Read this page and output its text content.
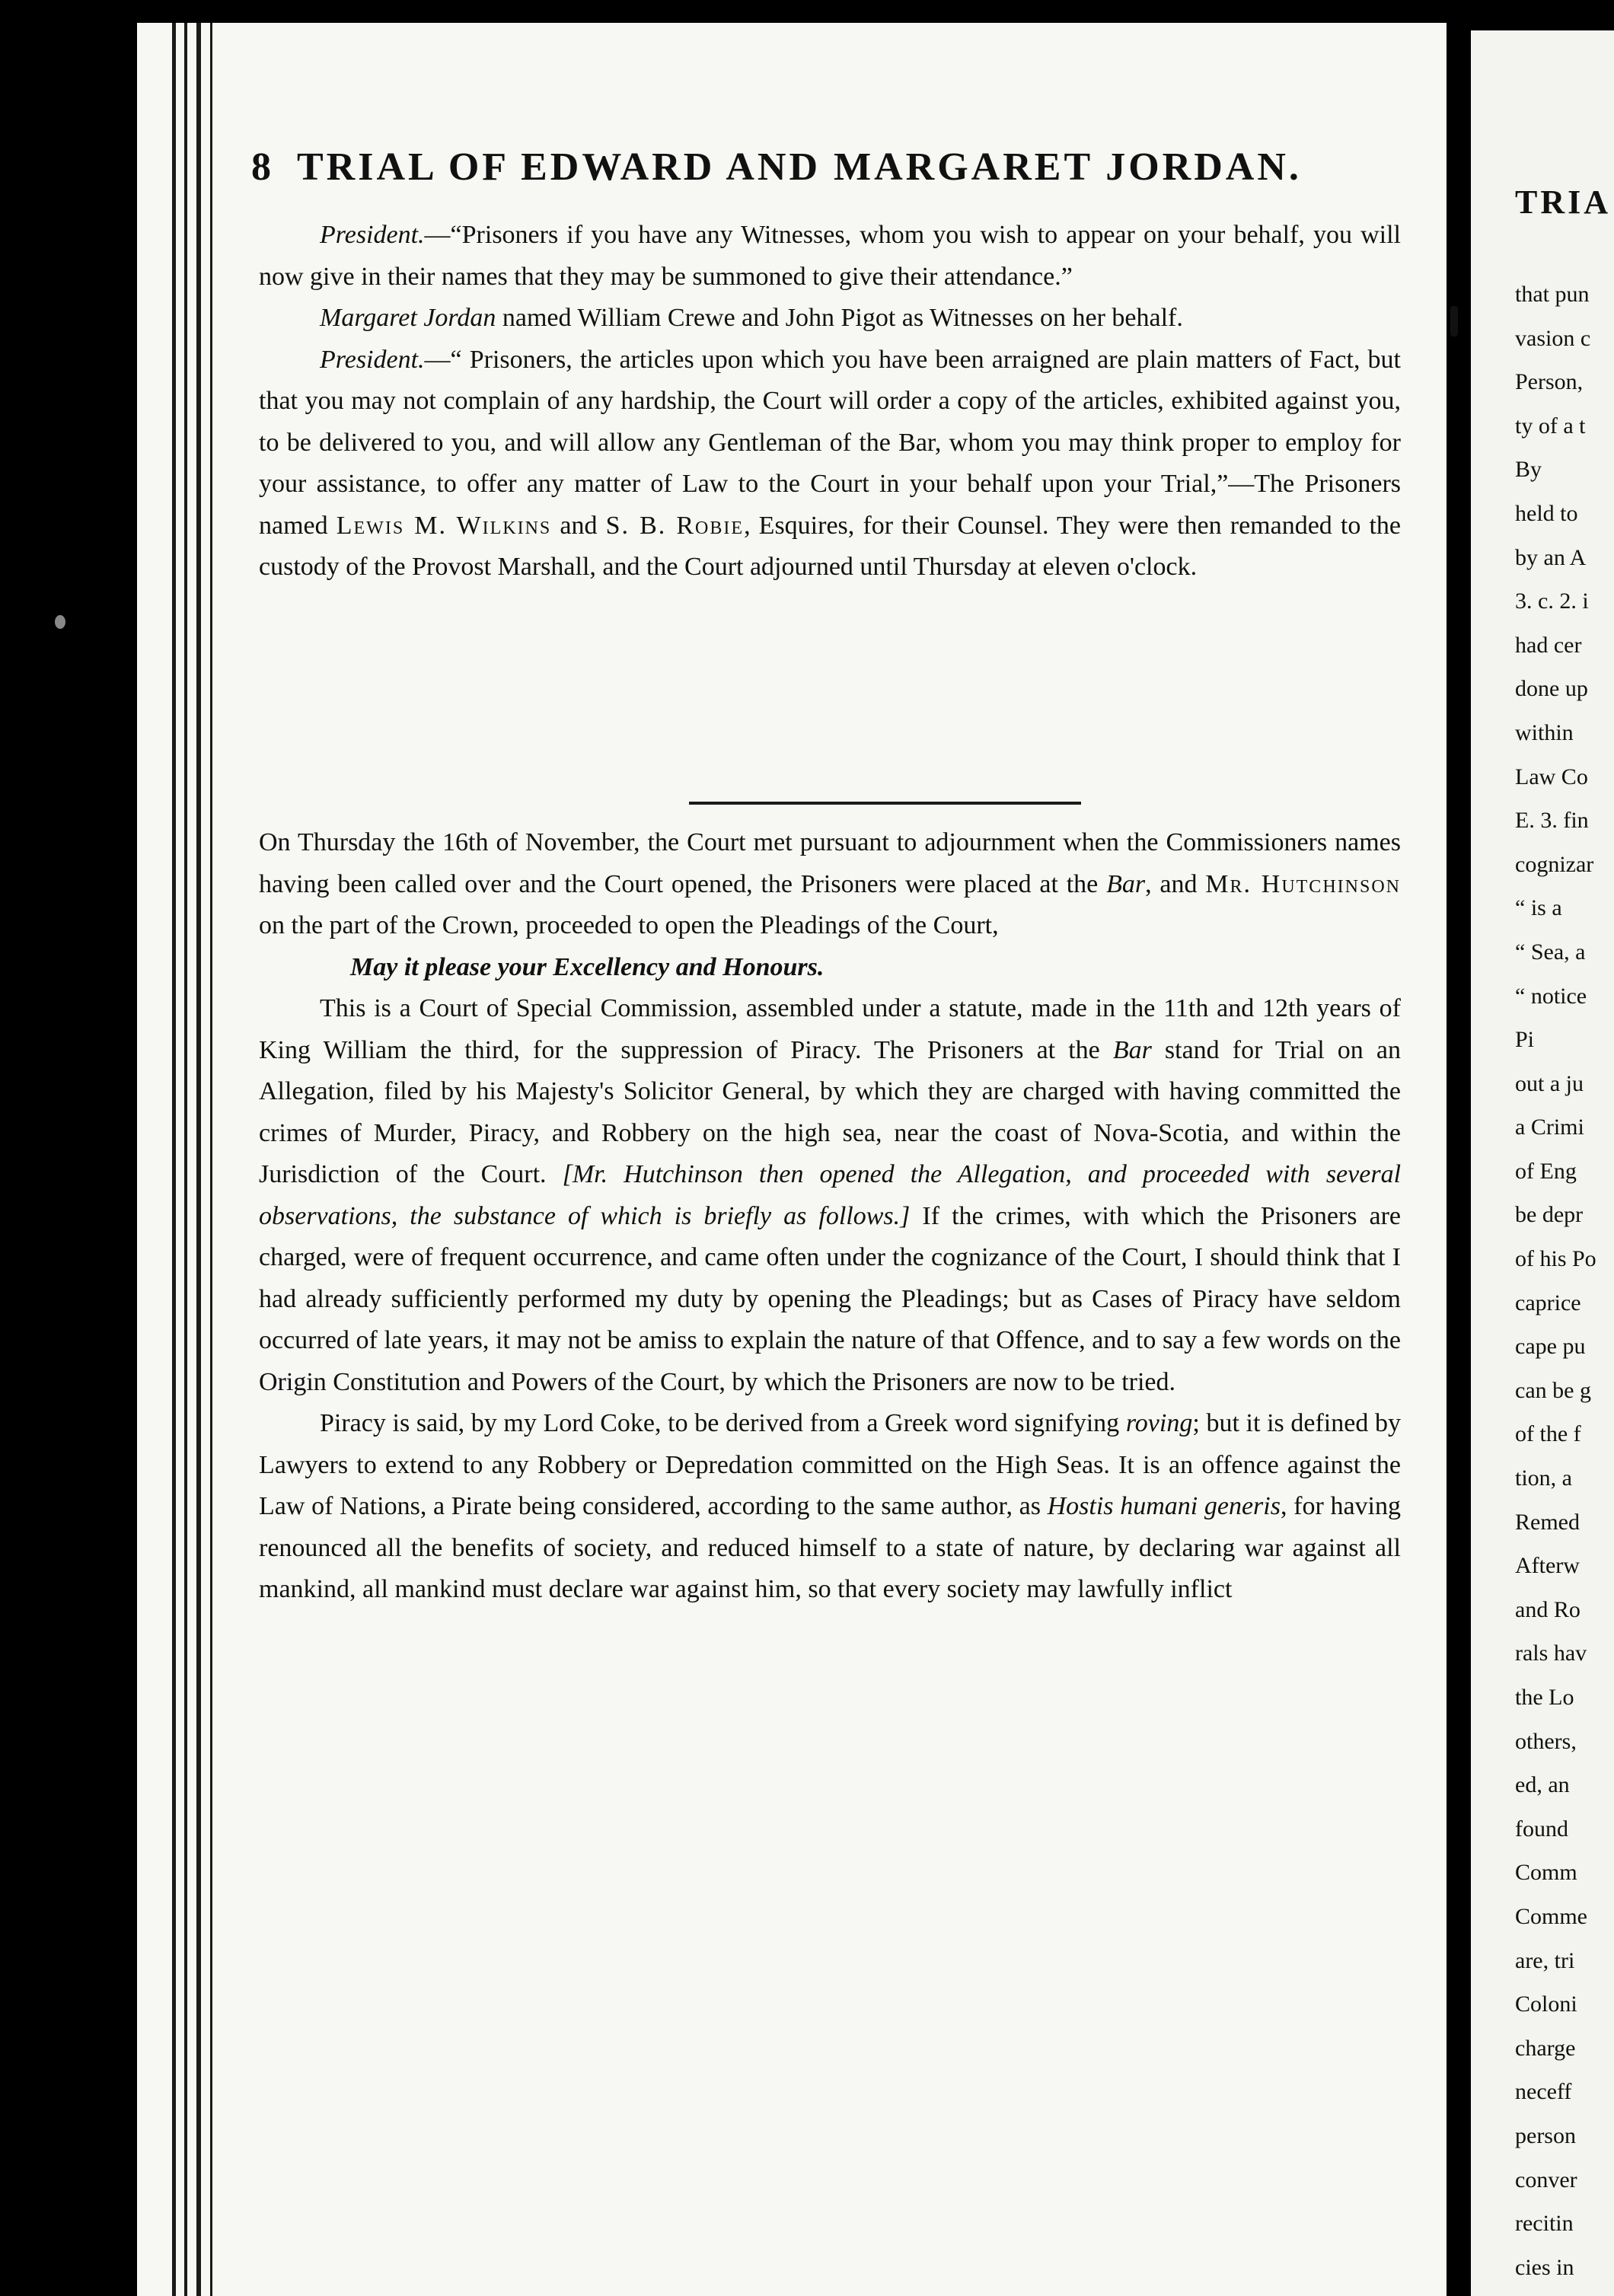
8 TRIAL OF EDWARD AND MARGARET JORDAN.

President.—“Prisoners if you have any Witnesses, whom you wish to appear on your behalf, you will now give in their names that they may be summoned to give their attendance.”

Margaret Jordan named William Crewe and John Pigot as Witnesses on her behalf.

President.—“ Prisoners, the articles upon which you have been arraigned are plain matters of Fact, but that you may not complain of any hardship, the Court will order a copy of the articles, exhibited against you, to be delivered to you, and will allow any Gentleman of the Bar, whom you may think proper to employ for your assistance, to offer any matter of Law to the Court in your behalf upon your Trial,”—The Prisoners named Lewis M. Wilkins and S. B. Robie, Esquires, for their Counsel. They were then remanded to the custody of the Provost Marshall, and the Court adjourned until Thursday at eleven o'clock.

On Thursday the 16th of November, the Court met pursuant to adjournment when the Commissioners names having been called over and the Court opened, the Prisoners were placed at the Bar, and Mr. Hutchinson on the part of the Crown, proceeded to open the Pleadings of the Court,

May it please your Excellency and Honours.

This is a Court of Special Commission, assembled under a statute, made in the 11th and 12th years of King William the third, for the suppression of Piracy. The Prisoners at the Bar stand for Trial on an Allegation, filed by his Majesty's Solicitor General, by which they are charged with having committed the crimes of Murder, Piracy, and Robbery on the high sea, near the coast of Nova-Scotia, and within the Jurisdiction of the Court. [Mr. Hutchinson then opened the Allegation, and proceeded with several observations, the substance of which is briefly as follows.] If the crimes, with which the Prisoners are charged, were of frequent occurrence, and came often under the cognizance of the Court, I should think that I had already sufficiently performed my duty by opening the Pleadings; but as Cases of Piracy have seldom occurred of late years, it may not be amiss to explain the nature of that Offence, and to say a few words on the Origin Constitution and Powers of the Court, by which the Prisoners are now to be tried.

Piracy is said, by my Lord Coke, to be derived from a Greek word signifying roving; but it is defined by Lawyers to extend to any Robbery or Depredation committed on the High Seas. It is an offence against the Law of Nations, a Pirate being considered, according to the same author, as Hostis humani generis, for having renounced all the benefits of society, and reduced himself to a state of nature, by declaring war against all mankind, all mankind must declare war against him, so that every society may lawfully inflict

TRIA
that pun
vasion c
Person,
ty of a t
By
held to
by an A
3. c. 2. i
had cer
done up
within
Law Co
E. 3. fin
cognizar
“ is a
“ Sea, a
“ notice
Pi
out a ju
a Crimi
of Eng
be depr
of his Po
caprice
cape pu
can be g
of the f
tion, a
Remed
Afterw
and Ro
rals hav
the Lo
others,
ed, an
found
Comm
Comme
are, tri
Coloni
charge
neceff
person
conver
recitin
cies in
